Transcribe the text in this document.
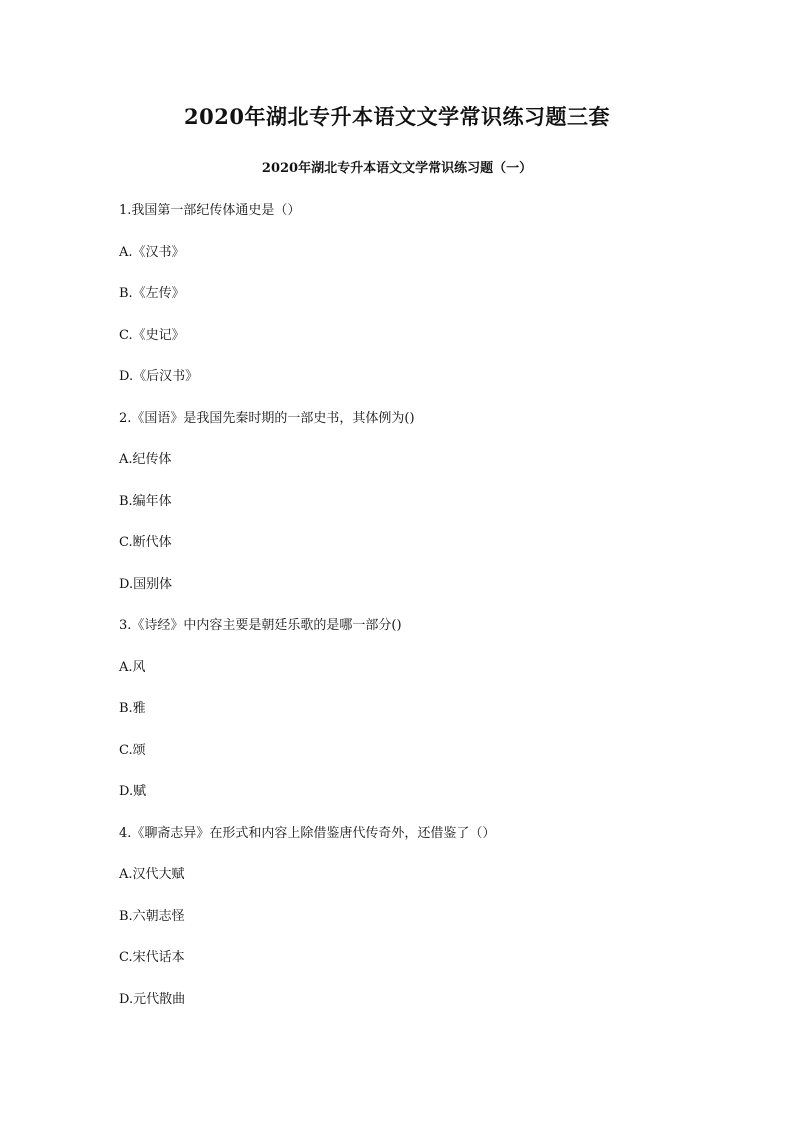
2020年湖北专升本语文文学常识练习题三套
2020年湖北专升本语文文学常识练习题（一）
1.我国第一部纪传体通史是（）
A.《汉书》
B.《左传》
C.《史记》
D.《后汉书》
2.《国语》是我国先秦时期的一部史书，其体例为()
A.纪传体
B.编年体
C.断代体
D.国别体
3.《诗经》中内容主要是朝廷乐歌的是哪一部分()
A.风
B.雅
C.颂
D.赋
4.《聊斋志异》在形式和内容上除借鉴唐代传奇外，还借鉴了（）
A.汉代大赋
B.六朝志怪
C.宋代话本
D.元代散曲
